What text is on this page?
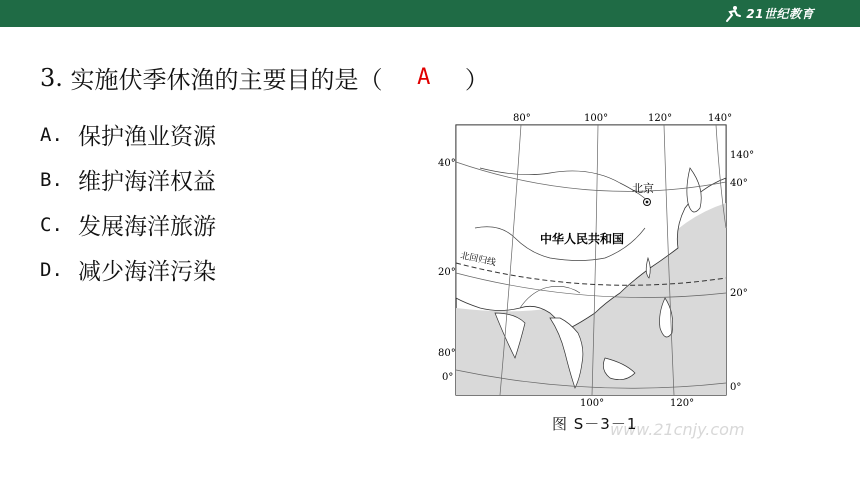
21世纪教育
3.
实施伏季休渔的主要目的是（
A
）
A. 保护渔业资源
B. 维护海洋权益
C. 发展海洋旅游
D. 减少海洋污染
80°	100°	120°	140°
100°	120°
40°
20°
80°
0°
140°
40°
20°
0°
北京
中华人民共和国
北回归线
www.21cnjy.com
图 S－3－1
